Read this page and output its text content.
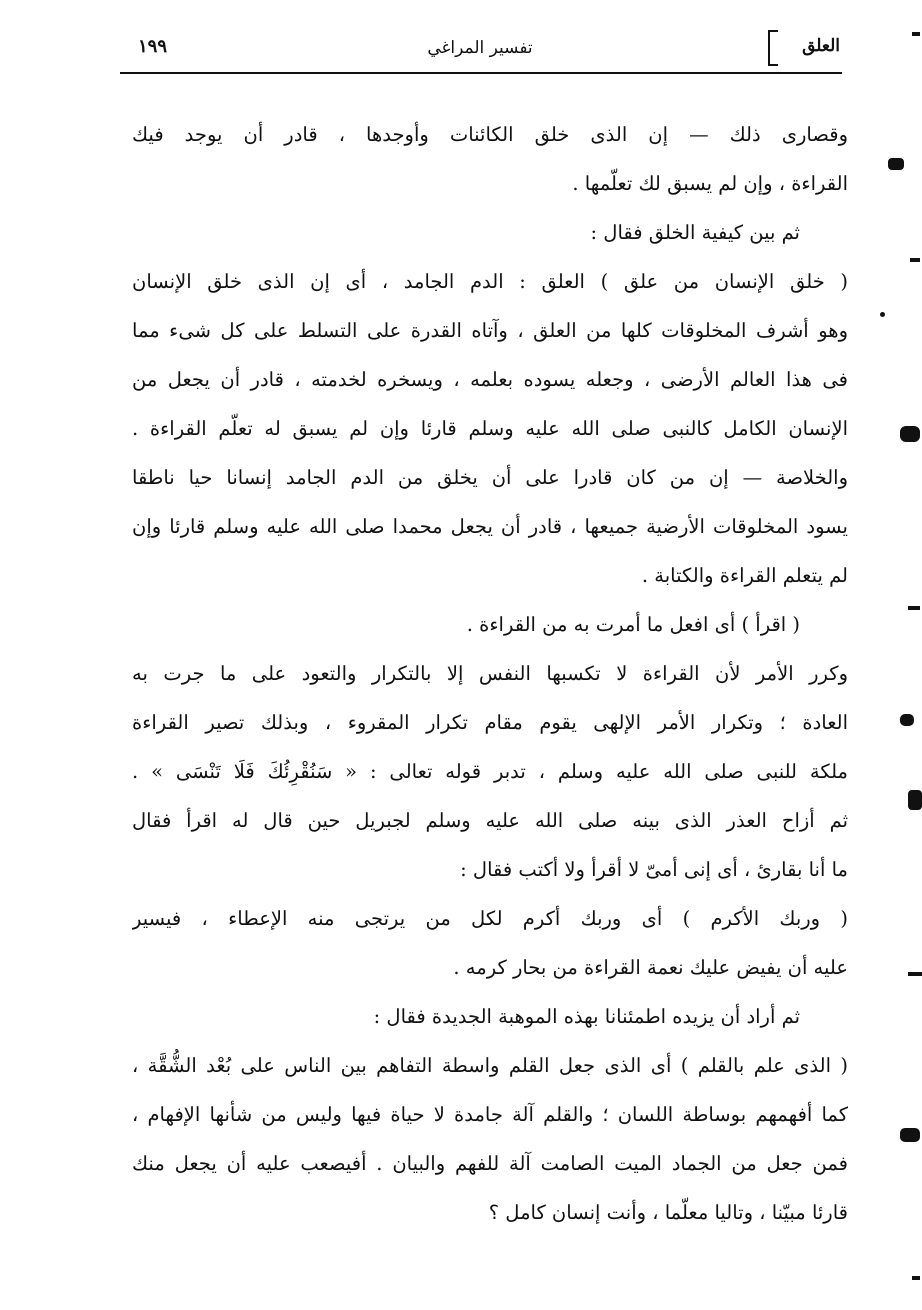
العلق
تفسير المراغي
١٩٩
وقصارى ذلك — إن الذى خلق الكائنات وأوجدها ، قادر أن يوجد فيك
القراءة ، وإن لم يسبق لك تعلّمها .
ثم بين كيفية الخلق فقال :
( خلق الإنسان من علق ) العلق : الدم الجامد ، أى إن الذى خلق الإنسان
وهو أشرف المخلوقات كلها من العلق ، وآتاه القدرة على التسلط على كل شىء مما
فى هذا العالم الأرضى ، وجعله يسوده بعلمه ، ويسخره لخدمته ، قادر أن يجعل من
الإنسان الكامل كالنبى صلى الله عليه وسلم قارئا وإن لم يسبق له تعلّم القراءة .
والخلاصة — إن من كان قادرا على أن يخلق من الدم الجامد إنسانا حيا ناطقا
يسود المخلوقات الأرضية جميعها ، قادر أن يجعل محمدا صلى الله عليه وسلم قارئا وإن
لم يتعلم القراءة والكتابة .
( اقرأ ) أى افعل ما أمرت به من القراءة .
وكرر الأمر لأن القراءة لا تكسبها النفس إلا بالتكرار والتعود على ما جرت به
العادة ؛ وتكرار الأمر الإلهى يقوم مقام تكرار المقروء ، وبذلك تصير القراءة
ملكة للنبى صلى الله عليه وسلم ، تدبر قوله تعالى : « سَنُقْرِئُكَ فَلَا تَنْسَى » .
ثم أزاح العذر الذى بينه صلى الله عليه وسلم لجبريل حين قال له اقرأ فقال
ما أنا بقارئ ، أى إنى أمىّ لا أقرأ ولا أكتب فقال :
( وربك الأكرم ) أى وربك أكرم لكل من يرتجى منه الإعطاء ، فيسير
عليه أن يفيض عليك نعمة القراءة من بحار كرمه .
ثم أراد أن يزيده اطمئنانا بهذه الموهبة الجديدة فقال :
( الذى علم بالقلم ) أى الذى جعل القلم واسطة التفاهم بين الناس على بُعْد الشُّقَّة ،
كما أفهمهم بوساطة اللسان ؛ والقلم آلة جامدة لا حياة فيها وليس من شأنها الإفهام ،
فمن جعل من الجماد الميت الصامت آلة للفهم والبيان . أفيصعب عليه أن يجعل منك
قارئا مبيّنا ، وتاليا معلّما ، وأنت إنسان كامل ؟
